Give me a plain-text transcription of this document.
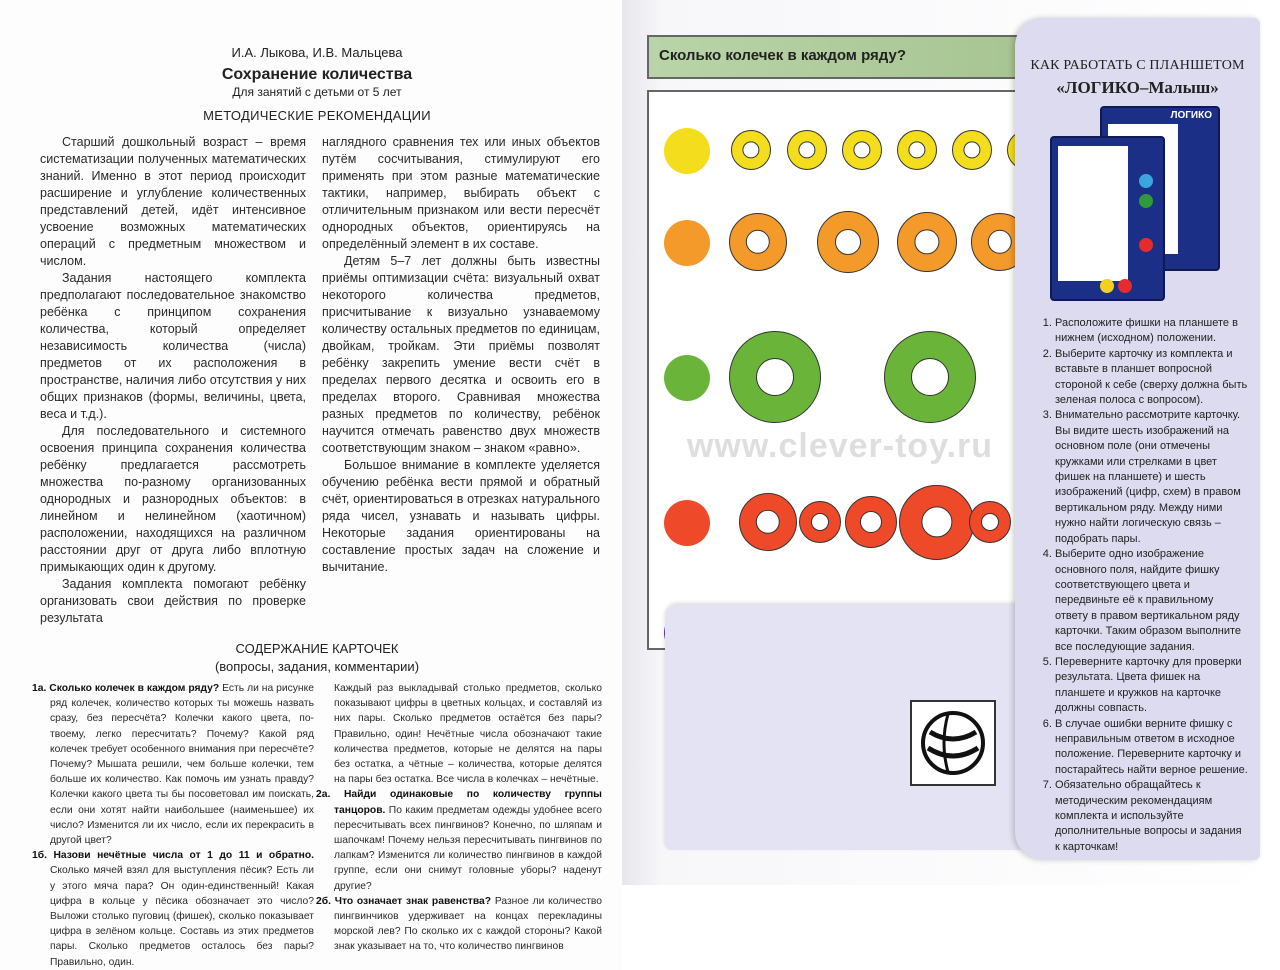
И.А. Лыкова, И.В. Мальцева
Сохранение количества
Для занятий с детьми от 5 лет
МЕТОДИЧЕСКИЕ РЕКОМЕНДАЦИИ

Старший дошкольный возраст – время систематизации полученных математических знаний. Именно в этот период происходит расширение и углубление количественных представлений детей, идёт интенсивное усвоение возможных математических операций с предметным множеством и числом.

Задания настоящего комплекта предполагают последовательное знакомство ребёнка с принципом сохранения количества, который определяет независимость количества (числа) предметов от их расположения в пространстве, наличия либо отсутствия у них общих признаков (формы, величины, цвета, веса и т.д.).

Для последовательного и системного освоения принципа сохранения количества ребёнку предлагается рассмотреть множества по-разному организованных однородных и разнородных объектов: в линейном и нелинейном (хаотичном) расположении, находящихся на различном расстоянии друг от друга либо вплотную примыкающих один к другому.

Задания комплекта помогают ребёнку организовать свои действия по проверке результата

наглядного сравнения тех или иных объектов путём сосчитывания, стимулируют его применять при этом разные математические тактики, например, выбирать объект с отличительным признаком или вести пересчёт однородных объектов, ориентируясь на определённый элемент в их составе.

Детям 5–7 лет должны быть известны приёмы оптимизации счёта: визуальный охват некоторого количества предметов, присчитывание к визуально узнаваемому количеству остальных предметов по единицам, двойкам, тройкам. Эти приёмы позволят ребёнку закрепить умение вести счёт в пределах первого десятка и освоить его в пределах второго. Сравнивая множества разных предметов по количеству, ребёнок научится отмечать равенство двух множеств соответствующим знаком – знаком «равно».

Большое внимание в комплекте уделяется обучению ребёнка вести прямой и обратный счёт, ориентироваться в отрезках натурального ряда чисел, узнавать и называть цифры. Некоторые задания ориентированы на составление простых задач на сложение и вычитание.

СОДЕРЖАНИЕ КАРТОЧЕК
(вопросы, задания, комментарии)
1а. Сколько колечек в каждом ряду? Есть ли на рисунке ряд колечек, количество которых ты можешь назвать сразу, без пересчёта? Колечки какого цвета, по-твоему, легко пересчитать? Почему? Какой ряд колечек требует особенного внимания при пересчёте? Почему? Мышата решили, чем больше колечки, тем больше их количество. Как помочь им узнать правду? Колечки какого цвета ты бы посоветовал им поискать, если они хотят найти наибольшее (наименьшее) их число? Изменится ли их число, если их перекрасить в другой цвет?
1б. Назови нечётные числа от 1 до 11 и обратно. Сколько мячей взял для выступления пёсик? Есть ли у этого мяча пара? Он один-единственный! Какая цифра в кольце у пёсика обозначает это число? Выложи столько пуговиц (фишек), сколько показывает цифра в зелёном кольце. Составь из этих предметов пары. Сколько предметов осталось без пары? Правильно, один.
Каждый раз выкладывай столько предметов, сколько показывают цифры в цветных кольцах, и составляй из них пары. Сколько предметов остаётся без пары? Правильно, один! Нечётные числа обозначают такие количества предметов, которые не делятся на пары без остатка, а чётные – количества, которые делятся на пары без остатка. Все числа в колечках – нечётные.
2а. Найди одинаковые по количеству группы танцоров. По каким предметам одежды удобнее всего пересчитывать всех пингвинов? Конечно, по шляпам и шапочкам! Почему нельзя пересчитывать пингвинов по лапкам? Изменится ли количество пингвинов в каждой группе, если они снимут головные уборы? наденут другие?
2б. Что означает знак равенства? Разное ли количество пингвинчиков удерживает на концах перекладины морской лев? По сколько их с каждой стороны? Какой знак указывает на то, что количество пингвинов
Сколько колечек в каждом ряду?
КАК РАБОТАТЬ С ПЛАНШЕТОМ
«ЛОГИКО–Малыш»
ЛОГИКО
1. Расположите фишки на планшете в нижнем (исходном) положении.
2. Выберите карточку из комплекта и вставьте в планшет вопросной стороной к себе (сверху должна быть зеленая полоса с вопросом).
3. Внимательно рассмотрите карточку. Вы видите шесть изображений на основном поле (они отмечены кружками или стрелками в цвет фишек на планшете) и шесть изображений (цифр, схем) в правом вертикальном ряду. Между ними нужно найти логическую связь – подобрать пары.
4. Выберите одно изображение основного поля, найдите фишку соответствующего цвета и передвиньте её к правильному ответу в правом вертикальном ряду карточки. Таким образом выполните все последующие задания.
5. Переверните карточку для проверки результата. Цвета фишек на планшете и кружков на карточке должны совпасть.
6. В случае ошибки верните фишку с неправильным ответом в исходное положение. Переверните карточку и постарайтесь найти верное решение.
7. Обязательно обращайтесь к методическим рекомендациям комплекта и используйте дополнительные вопросы и задания к карточкам!
www.clever-toy.ru
